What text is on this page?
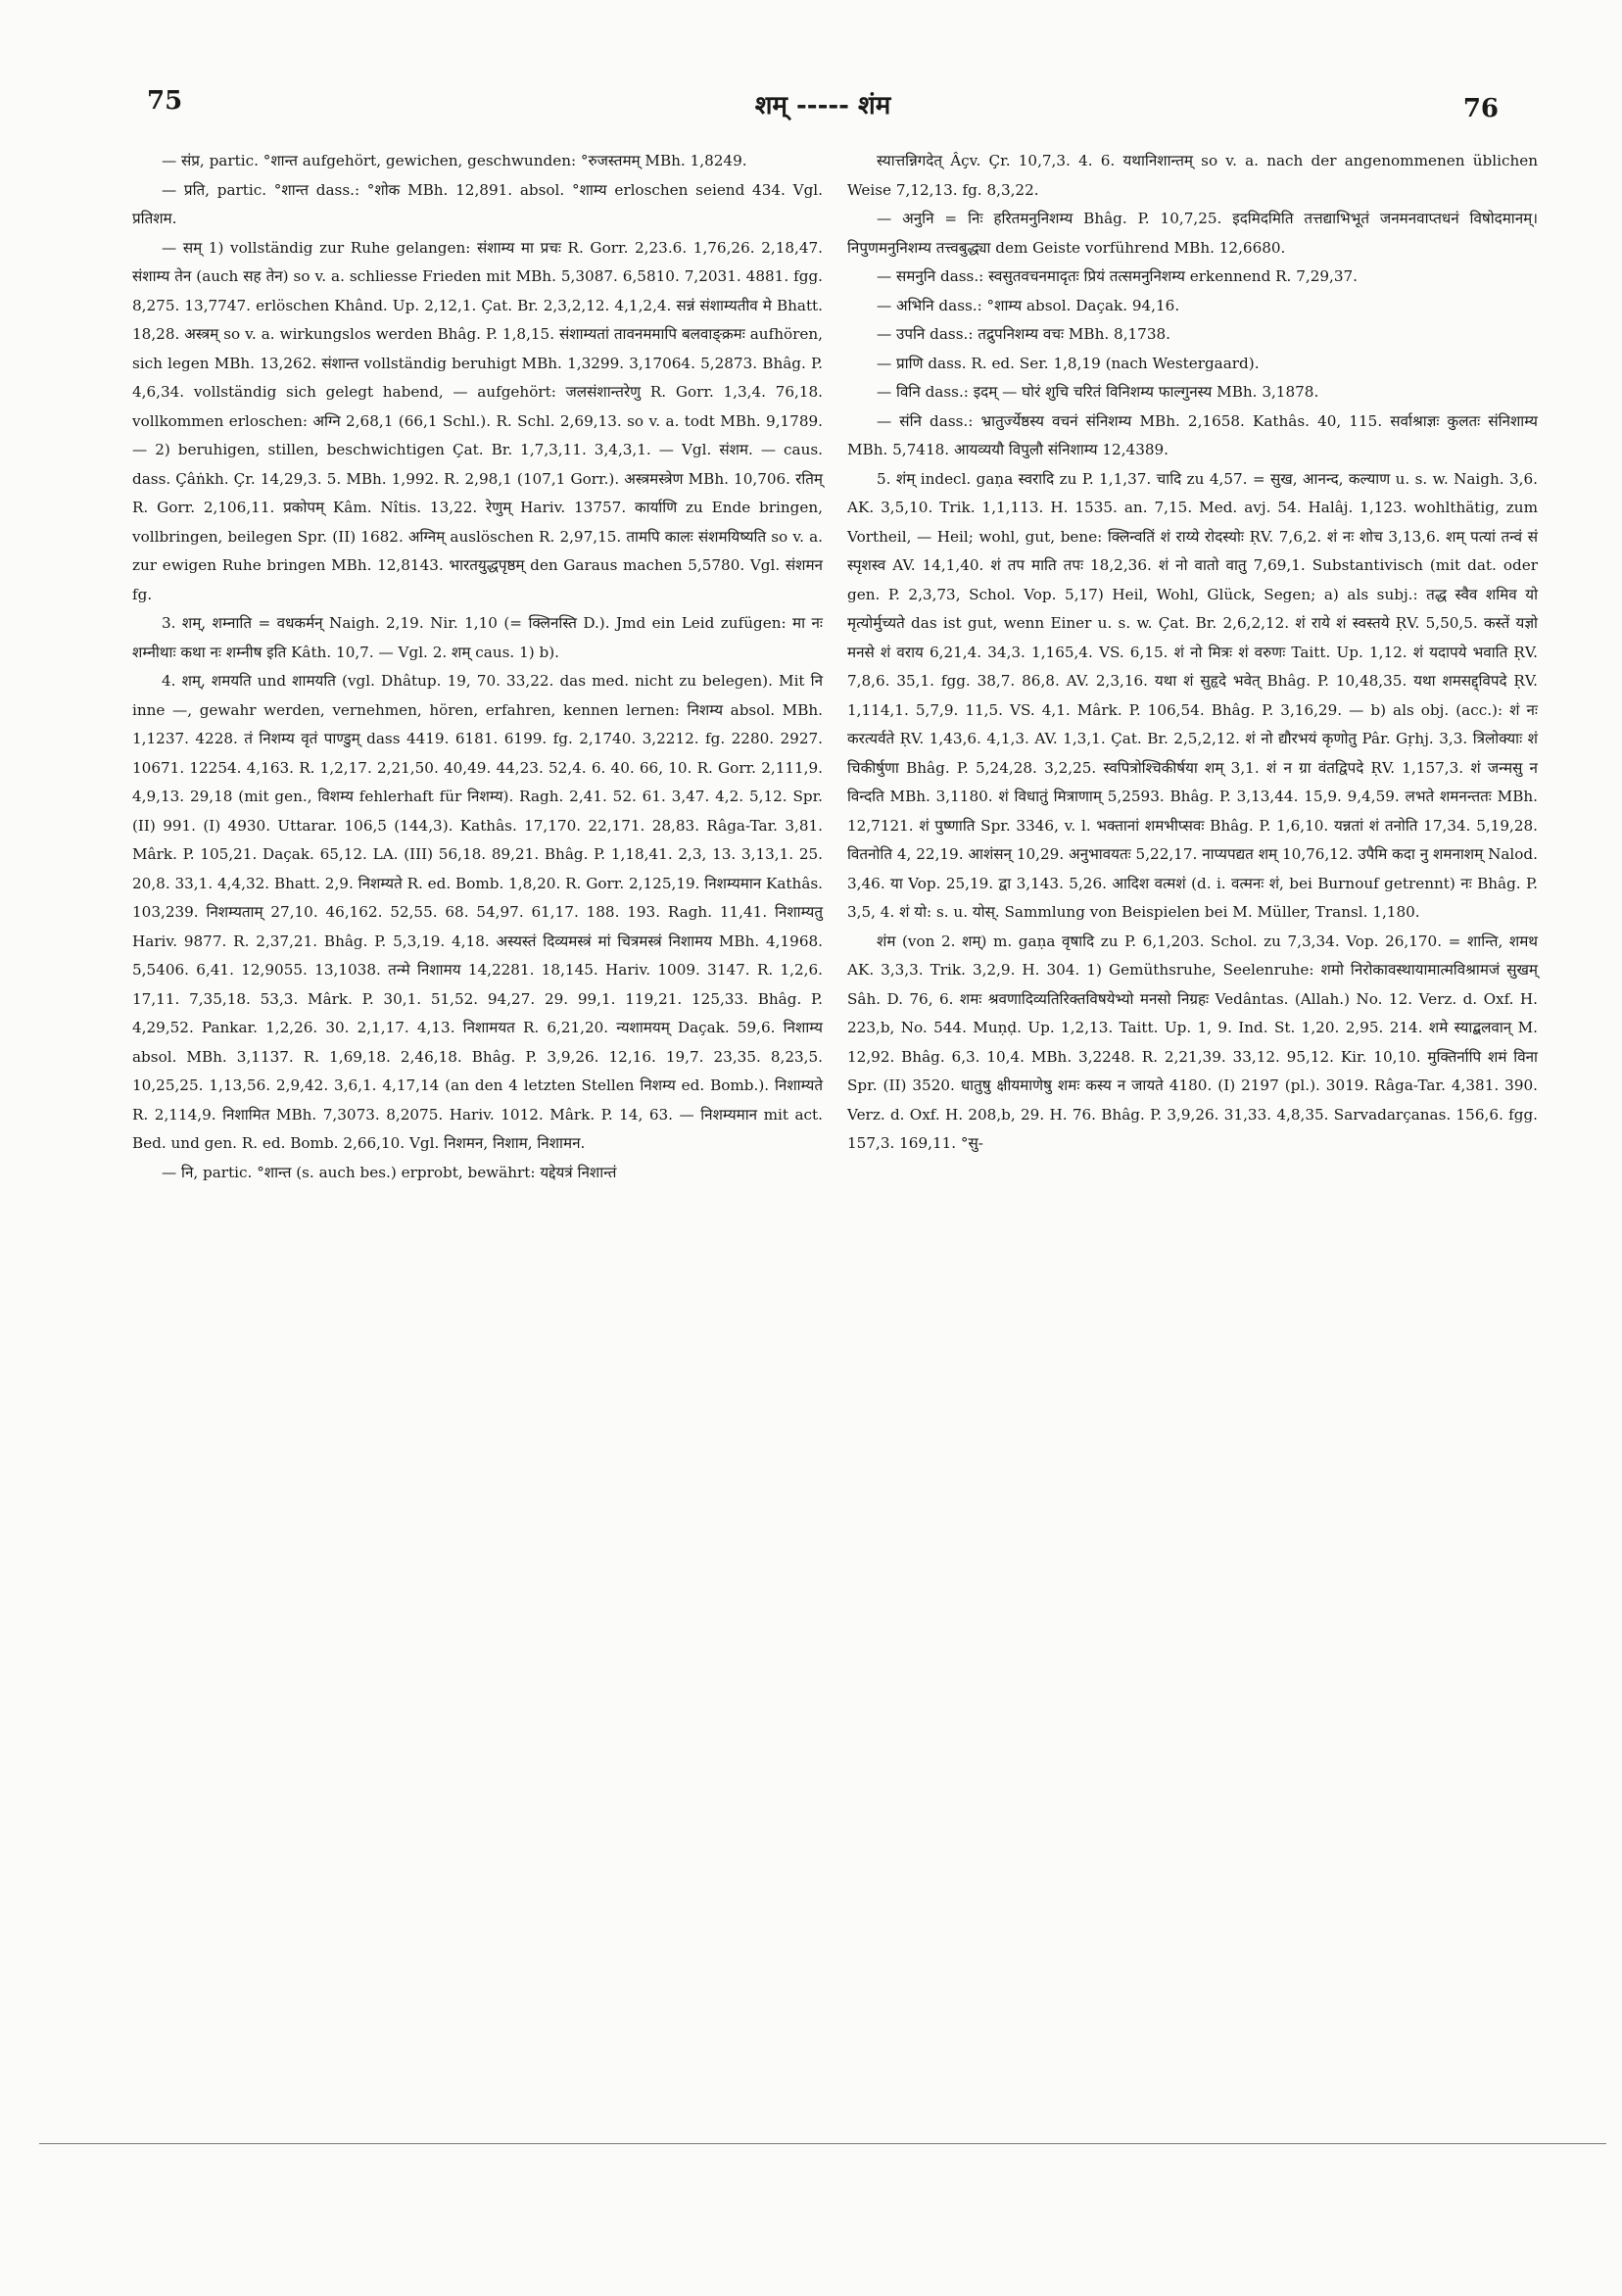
75	शम् ----- शंम	76

— संप्र, partic. °शान्त aufgehört, gewichen, geschwunden: °रुजस्तमम् MBh. 1,8249.

— प्रति, partic. °शान्त dass.: °शोक MBh. 12,891. absol. °शाम्य erloschen seiend 434. Vgl. प्रतिशम.

— सम् 1) vollständig zur Ruhe gelangen: संशाम्य मा प्रचः R. Gorr. 2,23.6. 1,76,26. 2,18,47. संशाम्य तेन (auch सह तेन) so v. a. schliesse Frieden mit MBh. 5,3087. 6,5810. 7,2031. 4881. fgg. 8,275. 13,7747. erlöschen Khând. Up. 2,12,1. Çat. Br. 2,3,2,12. 4,1,2,4. सन्नं संशाम्यतीव मे Bhatt. 18,28. अस्त्रम् so v. a. wirkungslos werden Bhâg. P. 1,8,15. संशाम्यतां तावनममापि बलवाङ्क्रमः aufhören, sich legen MBh. 13,262. संशान्त vollständig beruhigt MBh. 1,3299. 3,17064. 5,2873. Bhâg. P. 4,6,34. vollständig sich gelegt habend, — aufgehört: जलसंशान्तरेणु R. Gorr. 1,3,4. 76,18. vollkommen erloschen: अग्नि 2,68,1 (66,1 Schl.). R. Schl. 2,69,13. so v. a. todt MBh. 9,1789. — 2) beruhigen, stillen, beschwichtigen Çat. Br. 1,7,3,11. 3,4,3,1. — Vgl. संशम. — caus. dass. Çâṅkh. Çr. 14,29,3. 5. MBh. 1,992. R. 2,98,1 (107,1 Gorr.). अस्त्रमस्त्रेण MBh. 10,706. रतिम् R. Gorr. 2,106,11. प्रकोपम् Kâm. Nîtis. 13,22. रेणुम् Hariv. 13757. कार्याणि zu Ende bringen, vollbringen, beilegen Spr. (II) 1682. अग्निम् auslöschen R. 2,97,15. तामपि कालः संशमयिष्यति so v. a. zur ewigen Ruhe bringen MBh. 12,8143. भारतयुद्धपृष्ठम् den Garaus machen 5,5780. Vgl. संशमन fg.

3. शम्, शम्नाति = वधकर्मन् Naigh. 2,19. Nir. 1,10 (= क्लिनस्ति D.). Jmd ein Leid zufügen: मा नः शम्नीथाः कथा नः शम्नीष इति Kâth. 10,7. — Vgl. 2. शम् caus. 1) b).

4. शम्, शमयति und शामयति (vgl. Dhâtup. 19, 70. 33,22. das med. nicht zu belegen). Mit नि inne —, gewahr werden, vernehmen, hören, erfahren, kennen lernen: निशम्य absol. MBh. 1,1237. 4228. तं निशम्य वृतं पाण्डुम् dass 4419. 6181. 6199. fg. 2,1740. 3,2212. fg. 2280. 2927. 10671. 12254. 4,163. R. 1,2,17. 2,21,50. 40,49. 44,23. 52,4. 6. 40. 66, 10. R. Gorr. 2,111,9. 4,9,13. 29,18 (mit gen., विशम्य fehlerhaft für निशम्य). Ragh. 2,41. 52. 61. 3,47. 4,2. 5,12. Spr. (II) 991. (I) 4930. Uttarar. 106,5 (144,3). Kathâs. 17,170. 22,171. 28,83. Râga-Tar. 3,81. Mârk. P. 105,21. Daçak. 65,12. LA. (III) 56,18. 89,21. Bhâg. P. 1,18,41. 2,3, 13. 3,13,1. 25. 20,8. 33,1. 4,4,32. Bhatt. 2,9. निशम्यते R. ed. Bomb. 1,8,20. R. Gorr. 2,125,19. निशम्यमान Kathâs. 103,239. निशम्यताम् 27,10. 46,162. 52,55. 68. 54,97. 61,17. 188. 193. Ragh. 11,41. निशाम्यतु Hariv. 9877. R. 2,37,21. Bhâg. P. 5,3,19. 4,18. अस्यस्तं दिव्यमस्त्रं मां चित्रमस्त्रं निशामय MBh. 4,1968. 5,5406. 6,41. 12,9055. 13,1038. तन्मे निशामय 14,2281. 18,145. Hariv. 1009. 3147. R. 1,2,6. 17,11. 7,35,18. 53,3. Mârk. P. 30,1. 51,52. 94,27. 29. 99,1. 119,21. 125,33. Bhâg. P. 4,29,52. Pankar. 1,2,26. 30. 2,1,17. 4,13. निशामयत R. 6,21,20. न्यशामयम् Daçak. 59,6. निशाम्य absol. MBh. 3,1137. R. 1,69,18. 2,46,18. Bhâg. P. 3,9,26. 12,16. 19,7. 23,35. 8,23,5. 10,25,25. 1,13,56. 2,9,42. 3,6,1. 4,17,14 (an den 4 letzten Stellen निशम्य ed. Bomb.). निशाम्यते R. 2,114,9. निशामित MBh. 7,3073. 8,2075. Hariv. 1012. Mârk. P. 14, 63. — निशम्यमान mit act. Bed. und gen. R. ed. Bomb. 2,66,10. Vgl. निशमन, निशाम, निशामन.

— नि, partic. °शान्त (s. auch bes.) erprobt, bewährt: यद्देयत्रं निशान्तं

स्यात्तन्निगदेत् Âçv. Çr. 10,7,3. 4. 6. यथानिशान्तम् so v. a. nach der angenommenen üblichen Weise 7,12,13. fg. 8,3,22.

— अनुनि = निः हरितमनुनिशम्य Bhâg. P. 10,7,25. इदमिदमिति तत्तद्याभिभूतं जनमनवाप्तधनं विषोदमानम्। निपुणमनुनिशम्य तत्त्वबुद्ध्या dem Geiste vorführend MBh. 12,6680.

— समनुनि dass.: स्वसुतवचनमादृतः प्रियं तत्समनुनिशम्य erkennend R. 7,29,37.

— अभिनि dass.: °शाम्य absol. Daçak. 94,16.

— उपनि dass.: तद्रुपनिशम्य वचः MBh. 8,1738.

— प्राणि dass. R. ed. Ser. 1,8,19 (nach Westergaard).

— विनि dass.: इदम् — घोरं शुचि चरितं विनिशम्य फाल्गुनस्य MBh. 3,1878.

— संनि dass.: भ्रातुर्ज्येष्ठस्य वचनं संनिशम्य MBh. 2,1658. Kathâs. 40, 115. सर्वाश्राज्ञः कुलतः संनिशाम्य MBh. 5,7418. आयव्ययौ विपुलौ संनिशाम्य 12,4389.

5. शंम् indecl. gaṇa स्वरादि zu P. 1,1,37. चादि zu 4,57. = सुख, आनन्द, कल्याण u. s. w. Naigh. 3,6. AK. 3,5,10. Trik. 1,1,113. H. 1535. an. 7,15. Med. avj. 54. Halâj. 1,123. wohlthätig, zum Vortheil, — Heil; wohl, gut, bene: क्लिन्वतिं शं राय्ये रोदस्योः ṚV. 7,6,2. शं नः शोच 3,13,6. शम् पत्यां तन्वं सं स्पृशस्व AV. 14,1,40. शं तप माति तपः 18,2,36. शं नो वातो वातु 7,69,1. Substantivisch (mit dat. oder gen. P. 2,3,73, Schol. Vop. 5,17) Heil, Wohl, Glück, Segen; a) als subj.: तद्ध स्वैव शमिव यो मृत्योर्मुच्यते das ist gut, wenn Einer u. s. w. Çat. Br. 2,6,2,12. शं राये शं स्वस्तये ṚV. 5,50,5. कस्तें यज्ञो मनसे शं वराय 6,21,4. 34,3. 1,165,4. VS. 6,15. शं नो मित्रः शं वरुणः Taitt. Up. 1,12. शं यदापये भवाति ṚV. 7,8,6. 35,1. fgg. 38,7. 86,8. AV. 2,3,16. यथा शं सुहृदे भवेत् Bhâg. P. 10,48,35. यथा शमसद्द्विपदे ṚV. 1,114,1. 5,7,9. 11,5. VS. 4,1. Mârk. P. 106,54. Bhâg. P. 3,16,29. — b) als obj. (acc.): शं नः करत्यर्वते ṚV. 1,43,6. 4,1,3. AV. 1,3,1. Çat. Br. 2,5,2,12. शं नो द्यौरभयं कृणोतु Pâr. Gṛhj. 3,3. त्रिलोक्याः शं चिकीर्षुणा Bhâg. P. 5,24,28. 3,2,25. स्वपित्रोश्चिकीर्षया शम् 3,1. शं न ग्रा वंतद्विपदे ṚV. 1,157,3. शं जन्मसु न विन्दति MBh. 3,1180. शं विधातुं मित्राणाम् 5,2593. Bhâg. P. 3,13,44. 15,9. 9,4,59. लभते शमनन्ततः MBh. 12,7121. शं पुष्णाति Spr. 3346, v. l. भक्तानां शमभीप्सवः Bhâg. P. 1,6,10. यन्नतां शं तनोति 17,34. 5,19,28. वितनोति 4, 22,19. आशंसन् 10,29. अनुभावयतः 5,22,17. नाप्यपद्यत शम् 10,76,12. उपैमि कदा नु शमनाशम् Nalod. 3,46. या Vop. 25,19. द्वा 3,143. 5,26. आदिश वत्मशं (d. i. वत्मनः शं, bei Burnouf getrennt) नः Bhâg. P. 3,5, 4. शं यो: s. u. योस्. Sammlung von Beispielen bei M. Müller, Transl. 1,180.

शंम (von 2. शम्) m. gaṇa वृषादि zu P. 6,1,203. Schol. zu 7,3,34. Vop. 26,170. = शान्ति, शमथ AK. 3,3,3. Trik. 3,2,9. H. 304. 1) Gemüthsruhe, Seelenruhe: शमो निरोकावस्थायामात्मविश्रामजं सुखम् Sâh. D. 76, 6. शमः श्रवणादिव्यतिरिक्तविषयेभ्यो मनसो निग्रहः Vedântas. (Allah.) No. 12. Verz. d. Oxf. H. 223,b, No. 544. Muṇḍ. Up. 1,2,13. Taitt. Up. 1, 9. Ind. St. 1,20. 2,95. 214. शमे स्याद्बलवान् M. 12,92. Bhâg. 6,3. 10,4. MBh. 3,2248. R. 2,21,39. 33,12. 95,12. Kir. 10,10. मुक्तिर्नापि शमं विना Spr. (II) 3520. धातुषु क्षीयमाणेषु शमः कस्य न जायते 4180. (I) 2197 (pl.). 3019. Râga-Tar. 4,381. 390. Verz. d. Oxf. H. 208,b, 29. H. 76. Bhâg. P. 3,9,26. 31,33. 4,8,35. Sarvadarçanas. 156,6. fgg. 157,3. 169,11. °सु-
